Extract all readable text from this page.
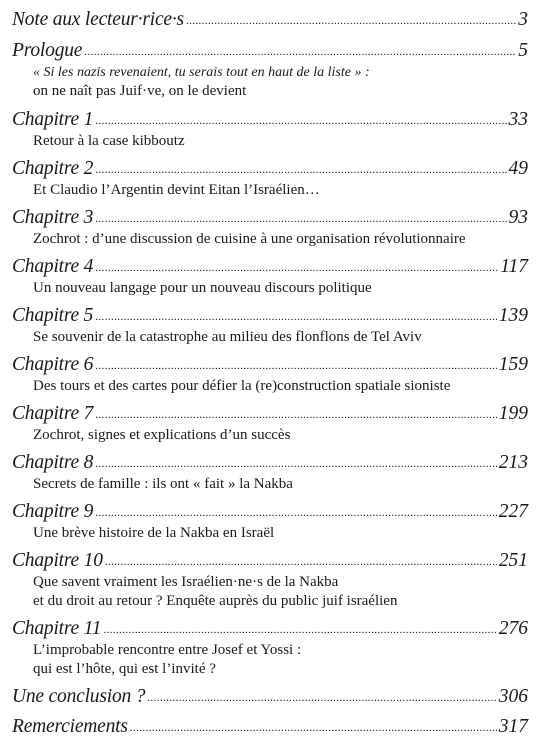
Note aux lecteur·rice·s .....	3
Prologue .....	5
« Si les nazis revenaient, tu serais tout en haut de la liste » :
on ne naît pas Juif·ve, on le devient
Chapitre 1 .....	33
Retour à la case kibboutz
Chapitre 2 .....	49
Et Claudio l’Argentin devint Eitan l’Israélien…
Chapitre 3 .....	93
Zochrot : d’une discussion de cuisine à une organisation révolutionnaire
Chapitre 4 .....	117
Un nouveau langage pour un nouveau discours politique
Chapitre 5 .....	139
Se souvenir de la catastrophe au milieu des flonflons de Tel Aviv
Chapitre 6 .....	159
Des tours et des cartes pour défier la (re)construction spatiale sioniste
Chapitre 7 .....	199
Zochrot, signes et explications d’un succès
Chapitre 8 .....	213
Secrets de famille : ils ont « fait » la Nakba
Chapitre 9 .....	227
Une brève histoire de la Nakba en Israël
Chapitre 10 .....	251
Que savent vraiment les Israélien·ne·s de la Nakba
et du droit au retour ? Enquête auprès du public juif israélien
Chapitre 11 .....	276
L’improbable rencontre entre Josef et Yossi :
qui est l’hôte, qui est l’invité ?
Une conclusion ? .....	306
Remerciements .....	317
